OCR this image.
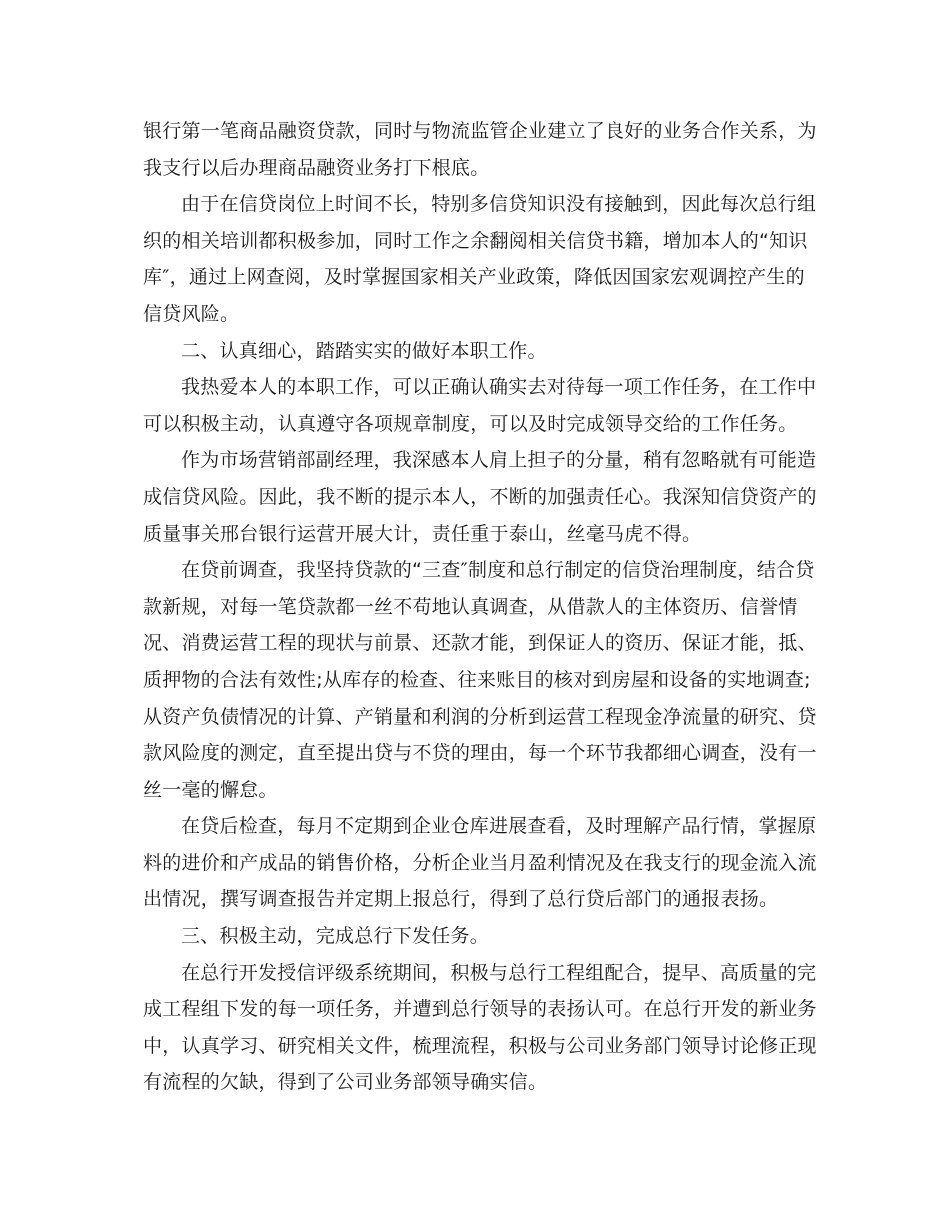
银行第一笔商品融资贷款，同时与物流监管企业建立了良好的业务合作关系，为
我支行以后办理商品融资业务打下根底。
由于在信贷岗位上时间不长，特别多信贷知识没有接触到，因此每次总行组
织的相关培训都积极参加，同时工作之余翻阅相关信贷书籍，增加本人的“知识
库″，通过上网查阅，及时掌握国家相关产业政策，降低因国家宏观调控产生的
信贷风险。
二、认真细心，踏踏实实的做好本职工作。
我热爱本人的本职工作，可以正确认确实去对待每一项工作任务，在工作中
可以积极主动，认真遵守各项规章制度，可以及时完成领导交给的工作任务。
作为市场营销部副经理，我深感本人肩上担子的分量，稍有忽略就有可能造
成信贷风险。因此，我不断的提示本人，不断的加强责任心。我深知信贷资产的
质量事关邢台银行运营开展大计，责任重于泰山，丝毫马虎不得。
在贷前调查，我坚持贷款的“三查″制度和总行制定的信贷治理制度，结合贷
款新规，对每一笔贷款都一丝不苟地认真调查，从借款人的主体资历、信誉情
况、消费运营工程的现状与前景、还款才能，到保证人的资历、保证才能，抵、
质押物的合法有效性;从库存的检查、往来账目的核对到房屋和设备的实地调查;
从资产负债情况的计算、产销量和利润的分析到运营工程现金净流量的研究、贷
款风险度的测定，直至提出贷与不贷的理由，每一个环节我都细心调查，没有一
丝一毫的懈怠。
在贷后检查，每月不定期到企业仓库进展查看，及时理解产品行情，掌握原
料的进价和产成品的销售价格，分析企业当月盈利情况及在我支行的现金流入流
出情况，撰写调查报告并定期上报总行，得到了总行贷后部门的通报表扬。
三、积极主动，完成总行下发任务。
在总行开发授信评级系统期间，积极与总行工程组配合，提早、高质量的完
成工程组下发的每一项任务，并遭到总行领导的表扬认可。在总行开发的新业务
中，认真学习、研究相关文件，梳理流程，积极与公司业务部门领导讨论修正现
有流程的欠缺，得到了公司业务部领导确实信。
